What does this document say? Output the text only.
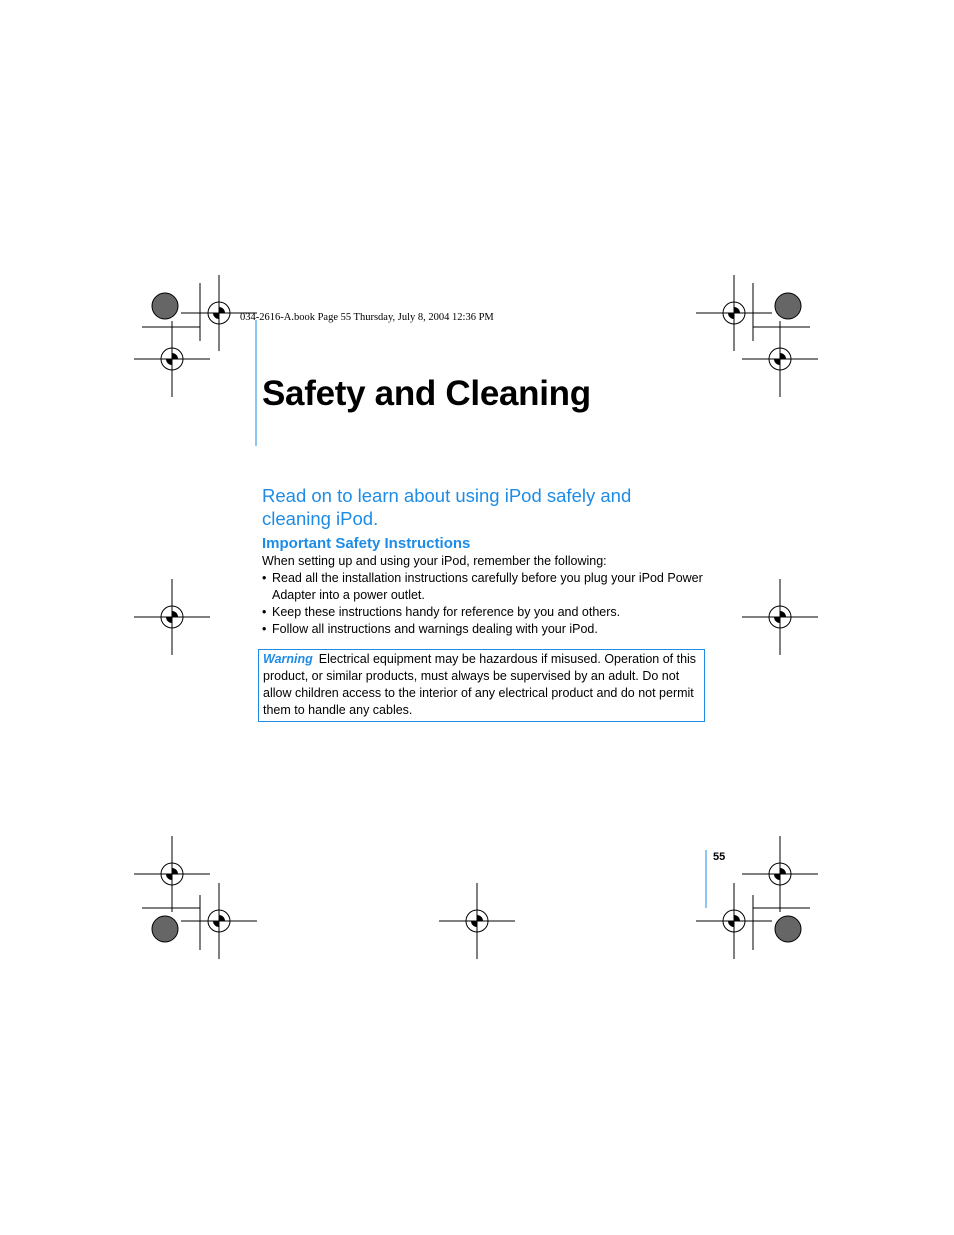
034-2616-A.book Page 55 Thursday, July 8, 2004 12:36 PM
Safety and Cleaning
Read on to learn about using iPod safely and cleaning iPod.
Important Safety Instructions
When setting up and using your iPod, remember the following:
• Read all the installation instructions carefully before you plug your iPod Power
Adapter into a power outlet.
• Keep these instructions handy for reference by you and others.
• Follow all instructions and warnings dealing with your iPod.
Warning Electrical equipment may be hazardous if misused. Operation of this product, or similar products, must always be supervised by an adult. Do not allow children access to the interior of any electrical product and do not permit them to handle any cables.
55
